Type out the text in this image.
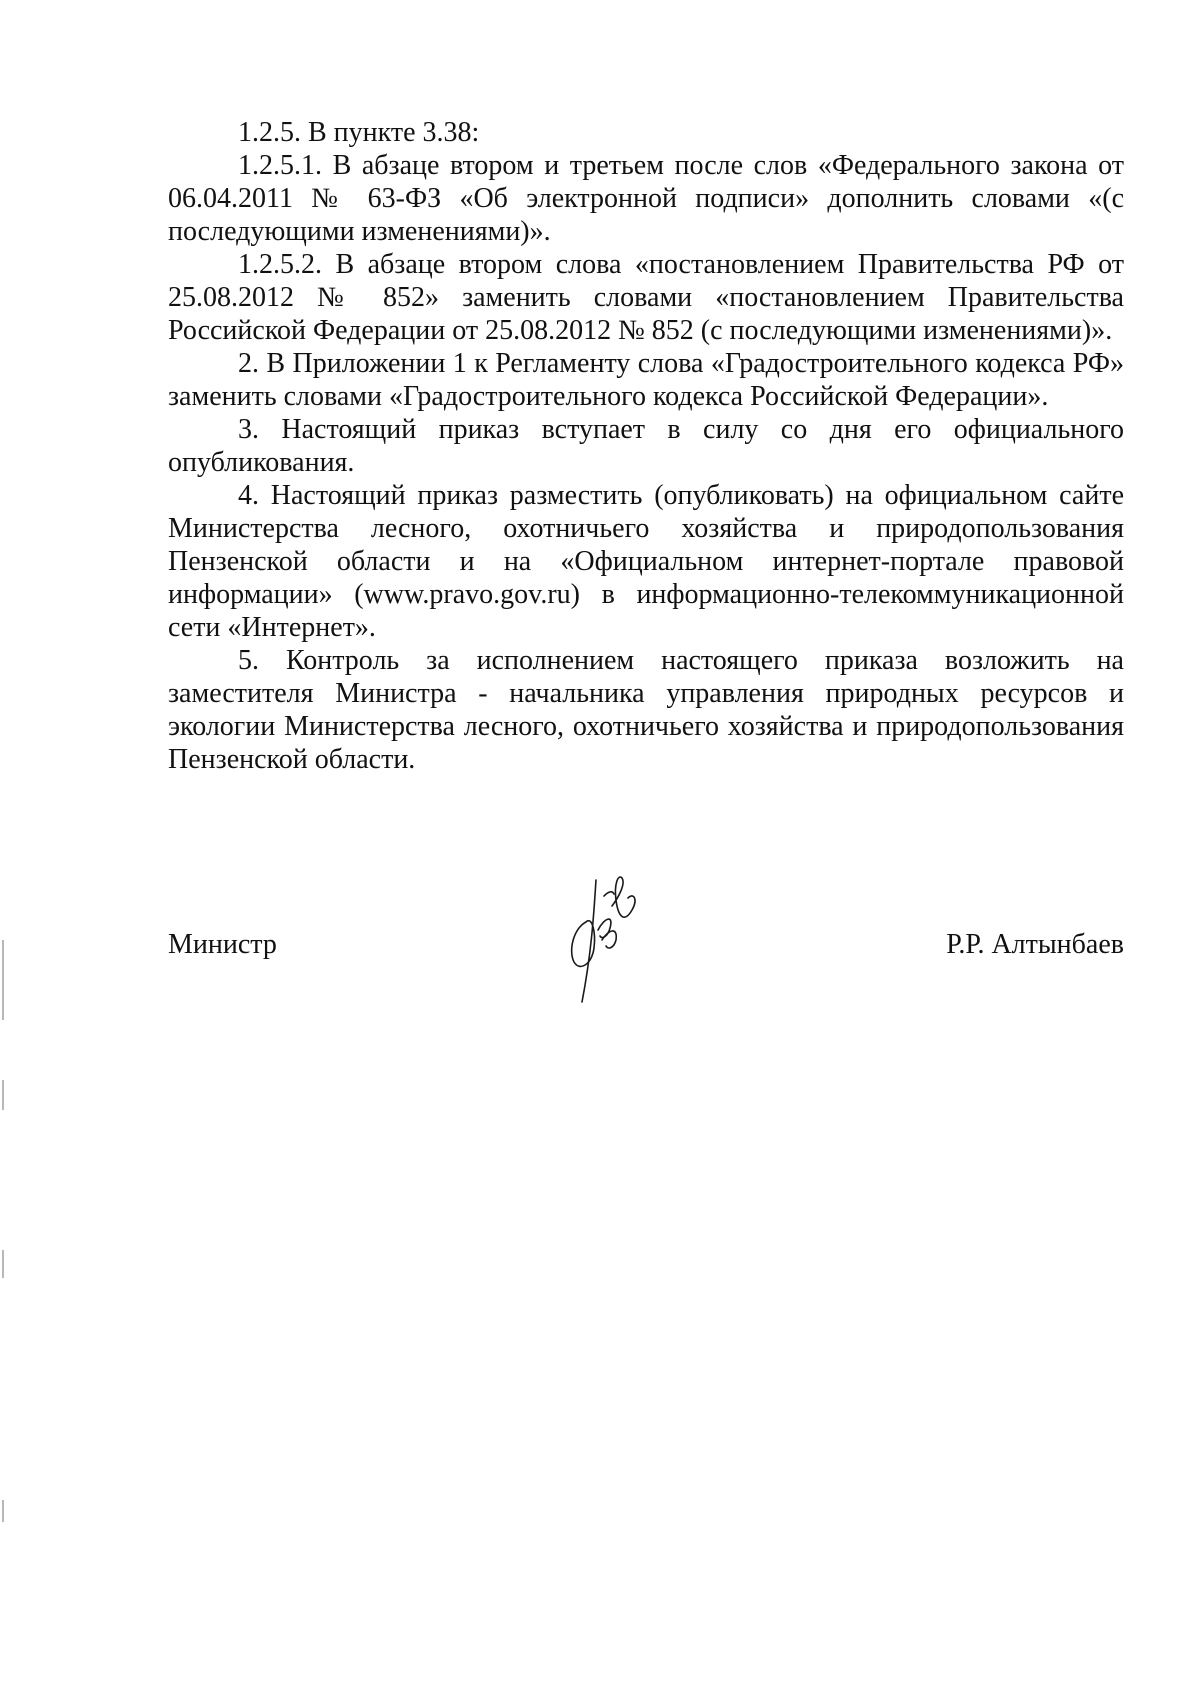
1.2.5. В пункте 3.38:

1.2.5.1. В абзаце втором и третьем после слов «Федерального закона от 06.04.2011 № 63-ФЗ «Об электронной подписи» дополнить словами «(с последующими изменениями)».

1.2.5.2. В абзаце втором слова «постановлением Правительства РФ от 25.08.2012 № 852» заменить словами «постановлением Правительства Российской Федерации от 25.08.2012 № 852 (с последующими изменениями)».

2. В Приложении 1 к Регламенту слова «Градостроительного кодекса РФ» заменить словами «Градостроительного кодекса Российской Федерации».

3. Настоящий приказ вступает в силу со дня его официального опубликования.

4. Настоящий приказ разместить (опубликовать) на официальном сайте Министерства лесного, охотничьего хозяйства и природопользования Пензенской области и на «Официальном интернет-портале правовой информации» (www.pravo.gov.ru) в информационно-телекоммуникационной сети «Интернет».

5. Контроль за исполнением настоящего приказа возложить на заместителя Министра - начальника управления природных ресурсов и экологии Министерства лесного, охотничьего хозяйства и природопользования Пензенской области.

Министр	Р.Р. Алтынбаев
